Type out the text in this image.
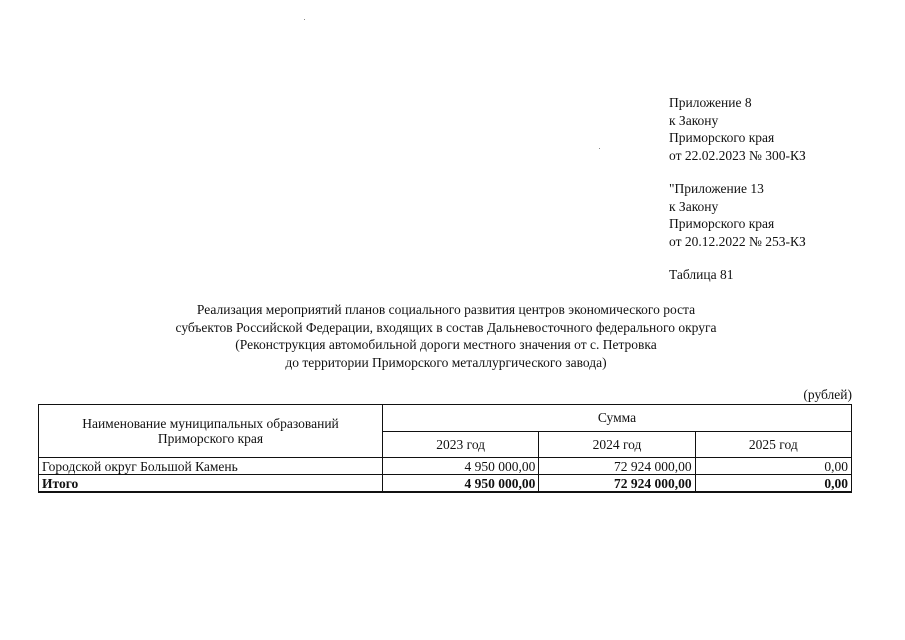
Приложение 8
к Закону
Приморского края
от 22.02.2023 № 300-КЗ
"Приложение 13
к Закону
Приморского края
от 20.12.2022 № 253-КЗ
Таблица 81
Реализация мероприятий планов социального развития центров экономического роста
субъектов Российской Федерации, входящих в состав Дальневосточного федерального округа
(Реконструкция автомобильной дороги местного значения от с. Петровка
до территории Приморского металлургического завода)
(рублей)
Наименование муниципальных образований
Приморского края	Сумма		
	2023 год	2024 год	2025 год
Городской округ Большой Камень	4 950 000,00	72 924 000,00	0,00
Итого	4 950 000,00	72 924 000,00	0,00
